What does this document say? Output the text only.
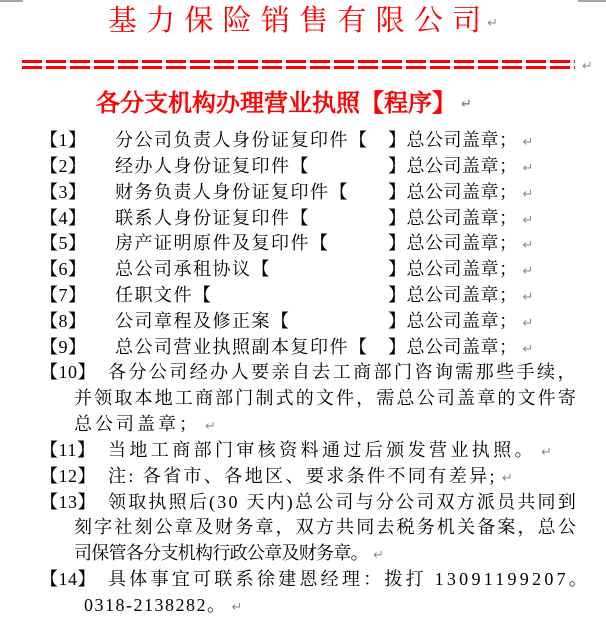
基 力 保 险 销 售 有 限 公 司 ↵
$_↵$
各分支机构办理营业执照【程序】 ↵
【1】 分公司负责人身份证复印件【 】总公司盖章； ↵
【2】 经办人身份证复印件【	】总公司盖章； ↵
【3】 财务负责人身份证复印件【 】总公司盖章； ↵
【4】 联系人身份证复印件【	】总公司盖章； ↵
【5】 房产证明原件及复印件【	】总公司盖章； ↵
【6】 总公司承租协议【	】总公司盖章； ↵
【7】 任职文件【	】总公司盖章； ↵
【8】 公司章程及修正案【	】总公司盖章； ↵
【9】 总公司营业执照副本复印件【 】总公司盖章； ↵
【10】 各分公司经办人要亲自去工商部门咨询需那些手续，
并领取本地工商部门制式的文件，需总公司盖章的文件寄
总公司盖章； ↵
【11】 当地工商部门审核资料通过后颁发营业执照。 ↵
【12】 注: 各省市、各地区、要求条件不同有差异; ↵
【13】 领取执照后(30 天内)总公司与分公司双方派员共同到
刻字社刻公章及财务章，双方共同去税务机关备案，总公
司保管各分支机构行政公章及财务章。 ↵
【14】 具体事宜可联系徐建恩经理：拨打 13091199207。
0318-2138282。 ↵
